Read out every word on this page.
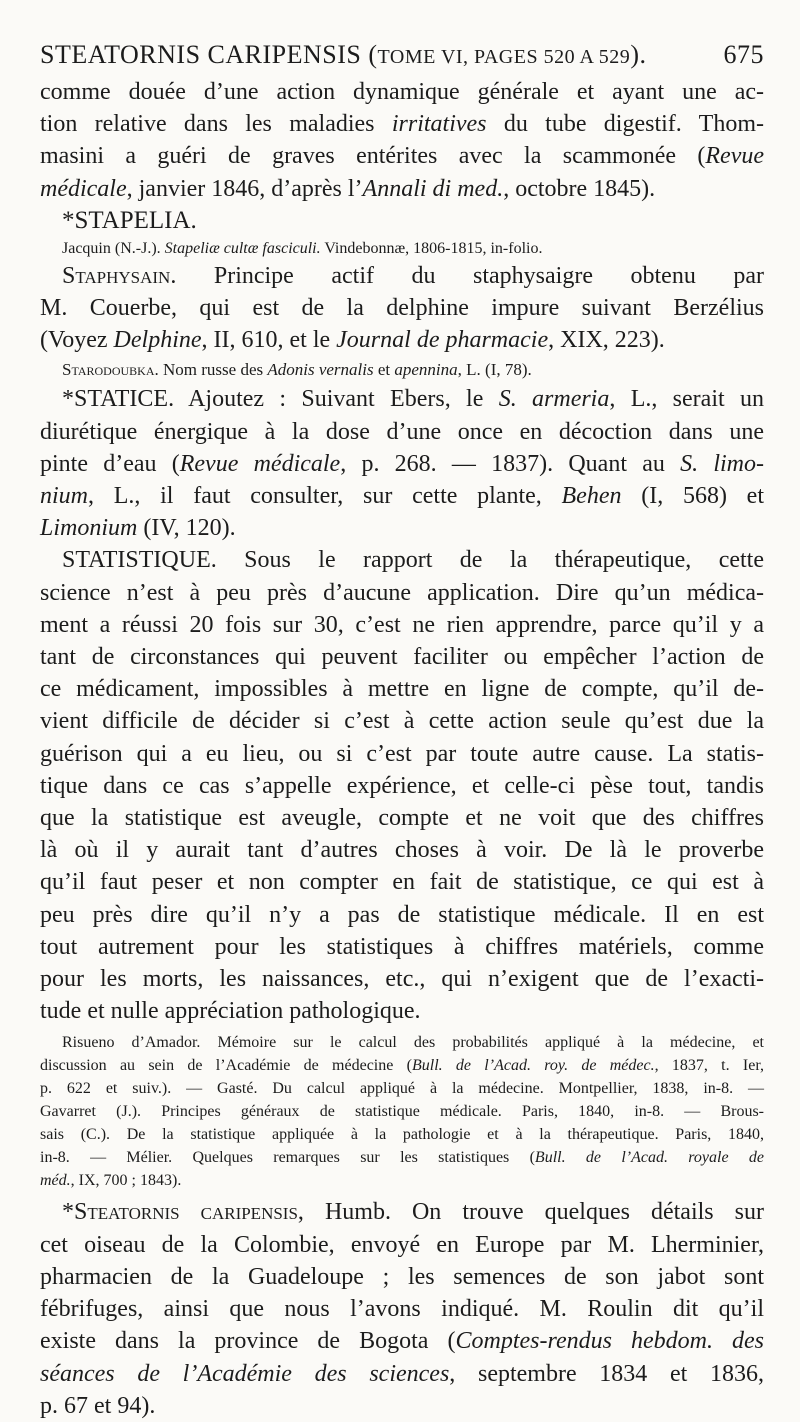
STEATORNIS CARIPENSIS (TOME VI, PAGES 520 A 529).	675
comme douée d’une action dynamique générale et ayant une ac-
tion relative dans les maladies irritatives du tube digestif. Thom-
masini a guéri de graves entérites avec la scammonée (Revue
médicale, janvier 1846, d’après l’Annali di med., octobre 1845).
*STAPELIA.
Jacquin (N.-J.). Stapeliæ cultæ fasciculi. Vindebonnæ, 1806-1815, in-folio.
Staphysain. Principe actif du staphysaigre obtenu par
M. Couerbe, qui est de la delphine impure suivant Berzélius
(Voyez Delphine, II, 610, et le Journal de pharmacie, XIX, 223).
Starodoubka. Nom russe des Adonis vernalis et apennina, L. (I, 78).
*STATICE. Ajoutez : Suivant Ebers, le S. armeria, L., serait un
diurétique énergique à la dose d’une once en décoction dans une
pinte d’eau (Revue médicale, p. 268. — 1837). Quant au S. limo-
nium, L., il faut consulter, sur cette plante, Behen (I, 568) et
Limonium (IV, 120).
STATISTIQUE. Sous le rapport de la thérapeutique, cette
science n’est à peu près d’aucune application. Dire qu’un médica-
ment a réussi 20 fois sur 30, c’est ne rien apprendre, parce qu’il y a
tant de circonstances qui peuvent faciliter ou empêcher l’action de
ce médicament, impossibles à mettre en ligne de compte, qu’il de-
vient difficile de décider si c’est à cette action seule qu’est due la
guérison qui a eu lieu, ou si c’est par toute autre cause. La statis-
tique dans ce cas s’appelle expérience, et celle-ci pèse tout, tandis
que la statistique est aveugle, compte et ne voit que des chiffres
là où il y aurait tant d’autres choses à voir. De là le proverbe
qu’il faut peser et non compter en fait de statistique, ce qui est à
peu près dire qu’il n’y a pas de statistique médicale. Il en est
tout autrement pour les statistiques à chiffres matériels, comme
pour les morts, les naissances, etc., qui n’exigent que de l’exacti-
tude et nulle appréciation pathologique.
Risueno d’Amador. Mémoire sur le calcul des probabilités appliqué à la médecine, et
discussion au sein de l’Académie de médecine (Bull. de l’Acad. roy. de médec., 1837, t. Ier,
p. 622 et suiv.). — Gasté. Du calcul appliqué à la médecine. Montpellier, 1838, in-8. —
Gavarret (J.). Principes généraux de statistique médicale. Paris, 1840, in-8. — Brous-
sais (C.). De la statistique appliquée à la pathologie et à la thérapeutique. Paris, 1840,
in-8. — Mélier. Quelques remarques sur les statistiques (Bull. de l’Acad. royale de
méd., IX, 700 ; 1843).
*Steatornis caripensis, Humb. On trouve quelques détails sur
cet oiseau de la Colombie, envoyé en Europe par M. Lherminier,
pharmacien de la Guadeloupe ; les semences de son jabot sont
fébrifuges, ainsi que nous l’avons indiqué. M. Roulin dit qu’il
existe dans la province de Bogota (Comptes-rendus hebdom. des
séances de l’Académie des sciences, septembre 1834 et 1836,
p. 67 et 94).
